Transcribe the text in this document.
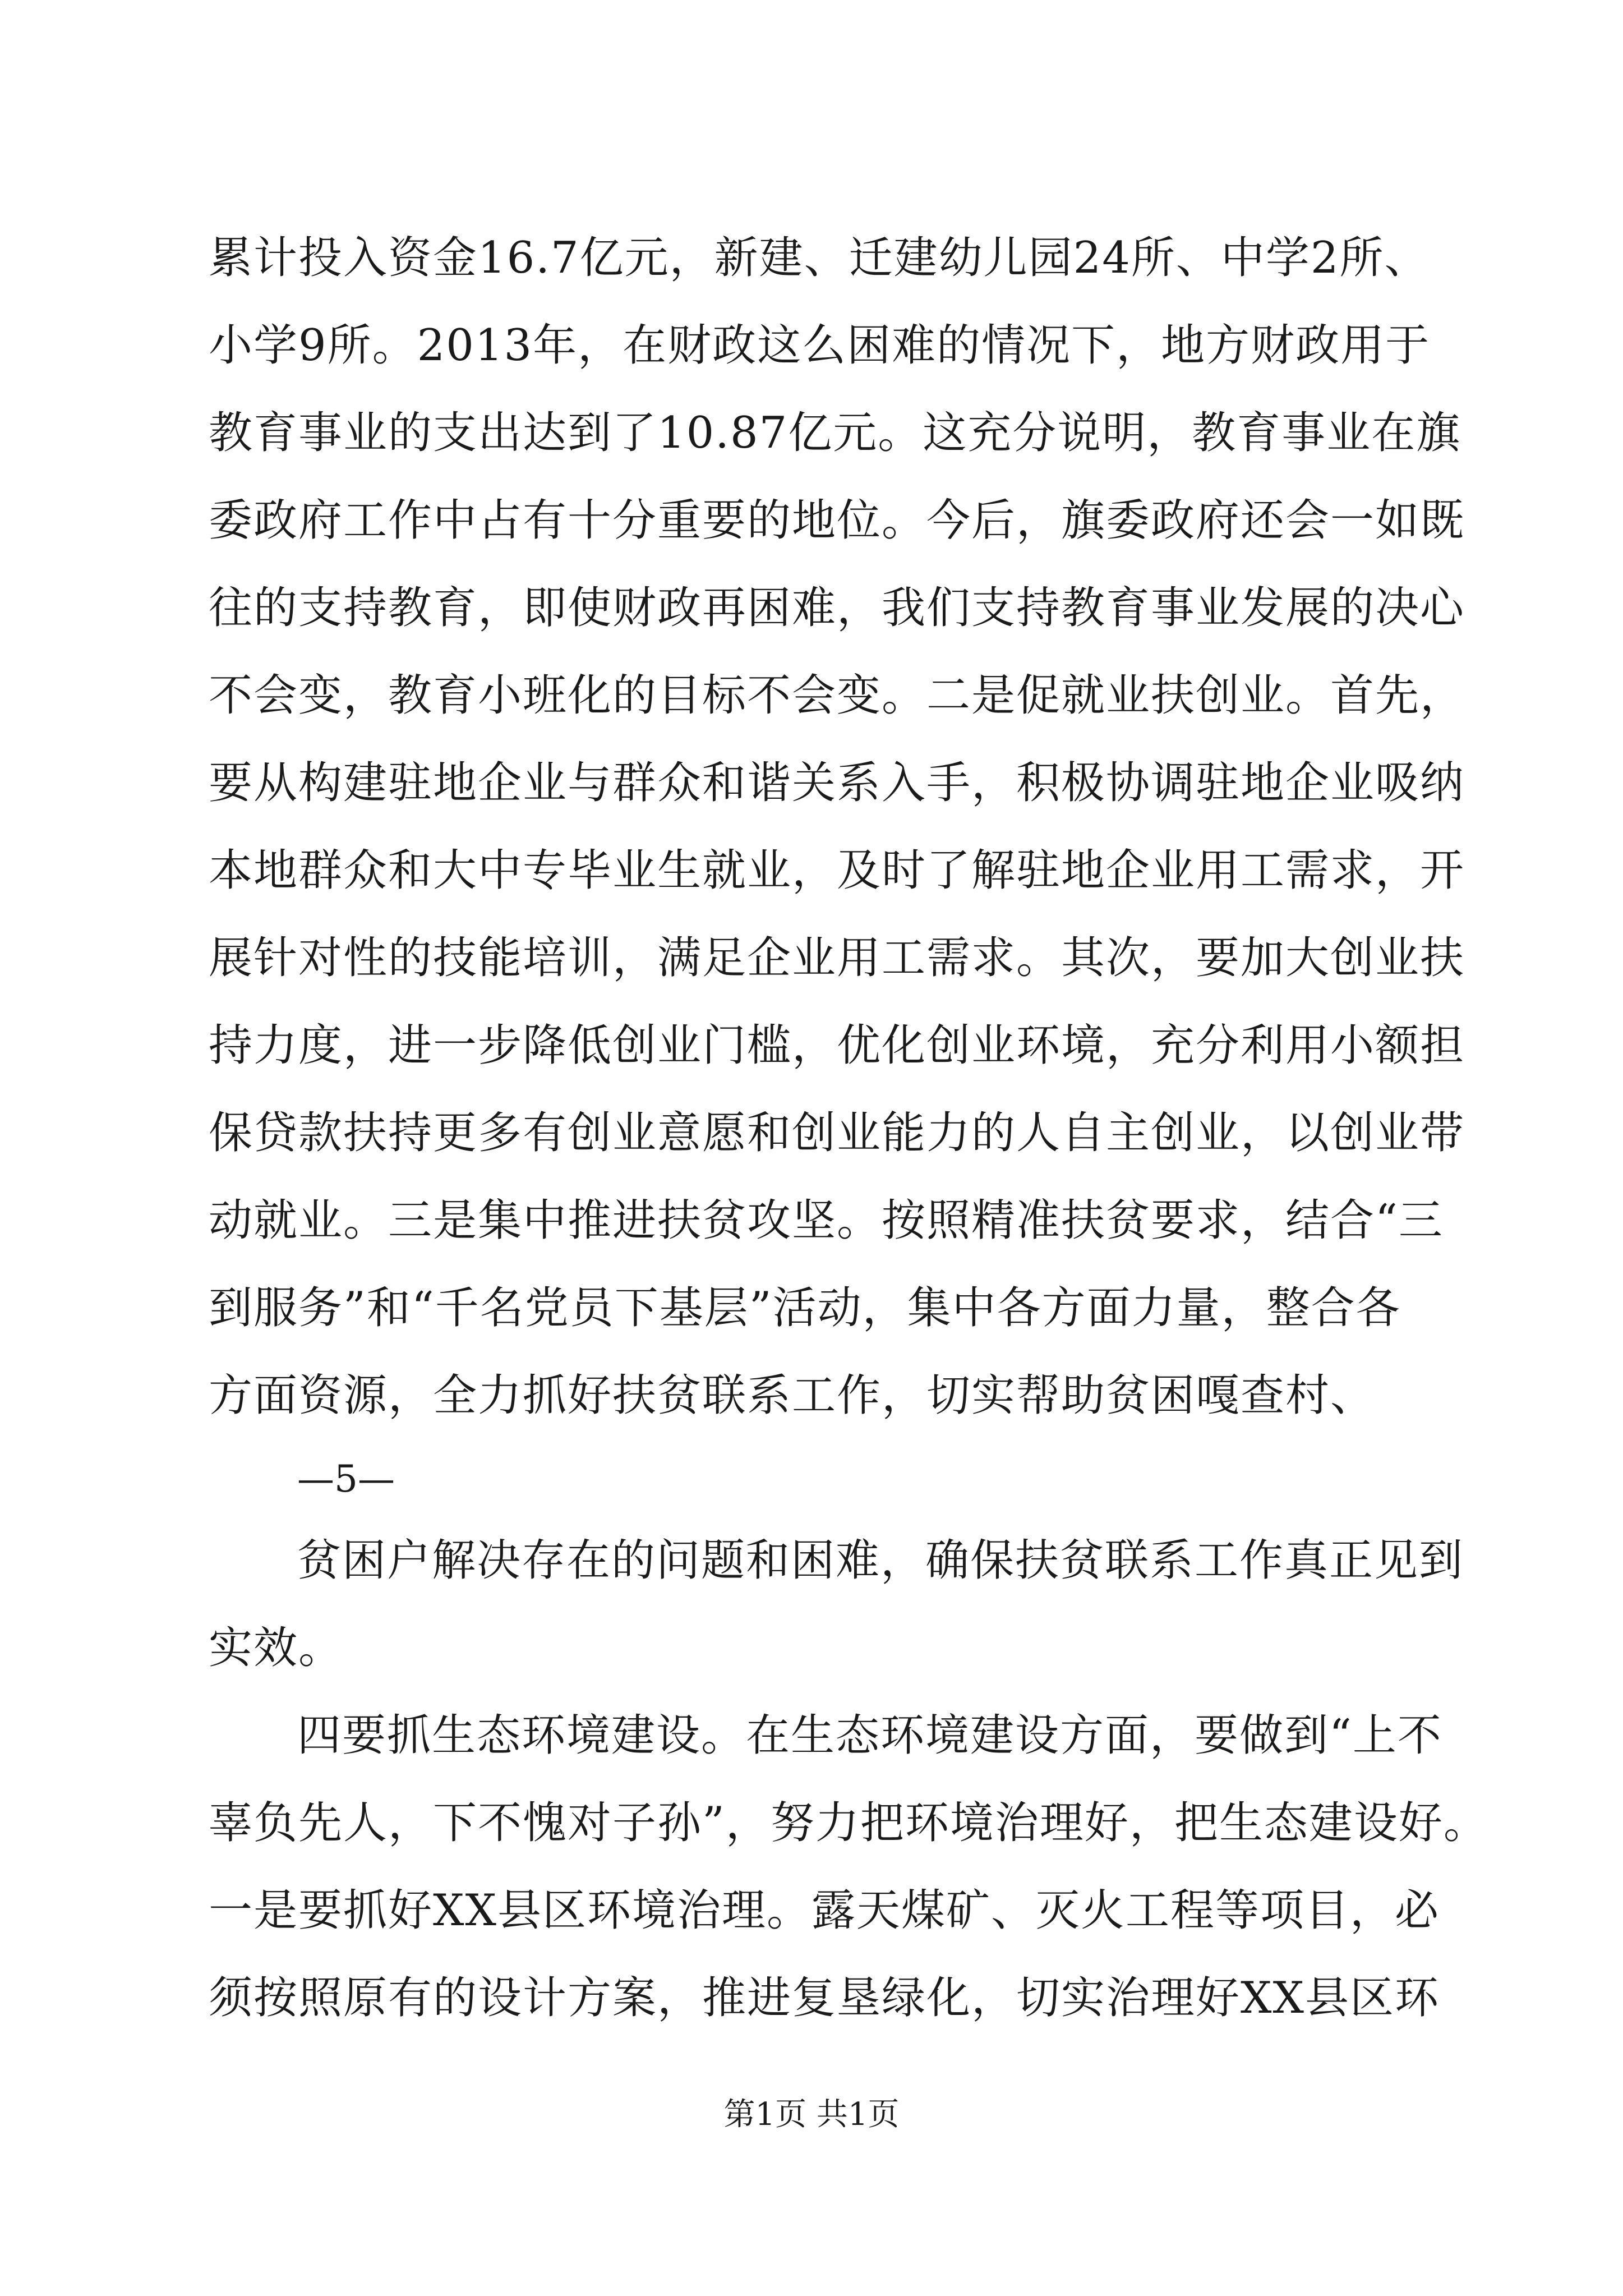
累计投入资金16.7亿元，新建、迁建幼儿园24所、中学2所、
小学9所。2013年，在财政这么困难的情况下，地方财政用于
教育事业的支出达到了10.87亿元。这充分说明，教育事业在旗
委政府工作中占有十分重要的地位。今后，旗委政府还会一如既
往的支持教育，即使财政再困难，我们支持教育事业发展的决心
不会变，教育小班化的目标不会变。二是促就业扶创业。首先，
要从构建驻地企业与群众和谐关系入手，积极协调驻地企业吸纳
本地群众和大中专毕业生就业，及时了解驻地企业用工需求，开
展针对性的技能培训，满足企业用工需求。其次，要加大创业扶
持力度，进一步降低创业门槛，优化创业环境，充分利用小额担
保贷款扶持更多有创业意愿和创业能力的人自主创业，以创业带
动就业。三是集中推进扶贫攻坚。按照精准扶贫要求，结合“三
到服务”和“千名党员下基层”活动，集中各方面力量，整合各
方面资源，全力抓好扶贫联系工作，切实帮助贫困嘎查村、
—5—
贫困户解决存在的问题和困难，确保扶贫联系工作真正见到
实效。
四要抓生态环境建设。在生态环境建设方面，要做到“上不
辜负先人，下不愧对子孙”，努力把环境治理好，把生态建设好。
一是要抓好XX县区环境治理。露天煤矿、灭火工程等项目，必
须按照原有的设计方案，推进复垦绿化，切实治理好XX县区环
第1页 共1页
